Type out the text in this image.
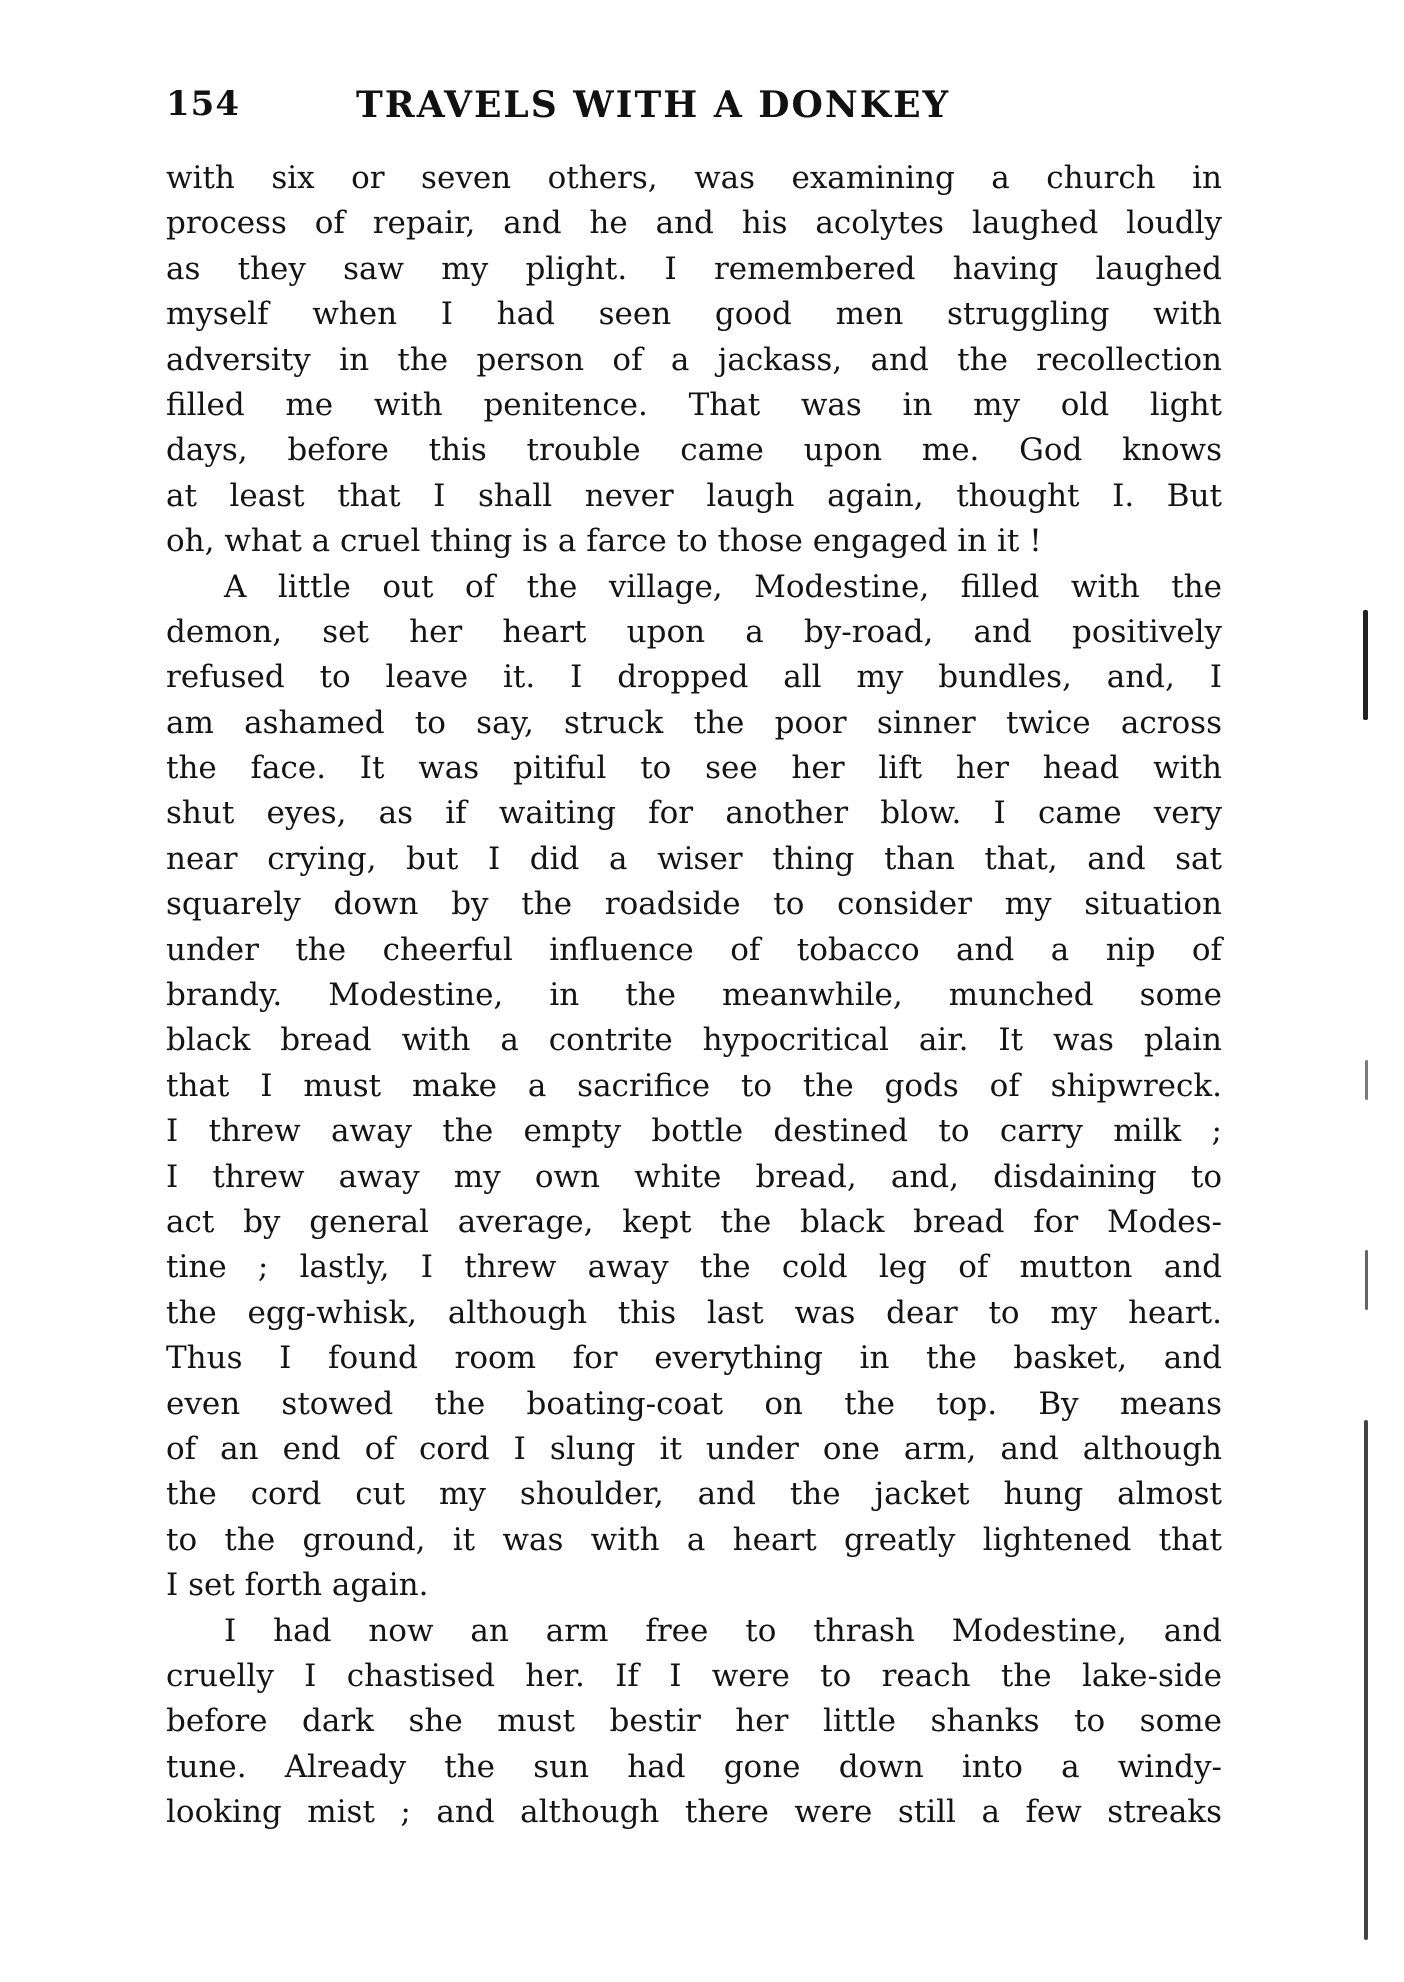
154	TRAVELS WITH A DONKEY
with six or seven others, was examining a church in
process of repair, and he and his acolytes laughed loudly
as they saw my plight. I remembered having laughed
myself when I had seen good men struggling with
adversity in the person of a jackass, and the recollection
filled me with penitence. That was in my old light
days, before this trouble came upon me. God knows
at least that I shall never laugh again, thought I. But
oh, what a cruel thing is a farce to those engaged in it !
A little out of the village, Modestine, filled with the
demon, set her heart upon a by-road, and positively
refused to leave it. I dropped all my bundles, and, I
am ashamed to say, struck the poor sinner twice across
the face. It was pitiful to see her lift her head with
shut eyes, as if waiting for another blow. I came very
near crying, but I did a wiser thing than that, and sat
squarely down by the roadside to consider my situation
under the cheerful influence of tobacco and a nip of
brandy. Modestine, in the meanwhile, munched some
black bread with a contrite hypocritical air. It was plain
that I must make a sacrifice to the gods of shipwreck.
I threw away the empty bottle destined to carry milk ;
I threw away my own white bread, and, disdaining to
act by general average, kept the black bread for Modes-
tine ; lastly, I threw away the cold leg of mutton and
the egg-whisk, although this last was dear to my heart.
Thus I found room for everything in the basket, and
even stowed the boating-coat on the top. By means
of an end of cord I slung it under one arm, and although
the cord cut my shoulder, and the jacket hung almost
to the ground, it was with a heart greatly lightened that
I set forth again.
I had now an arm free to thrash Modestine, and
cruelly I chastised her. If I were to reach the lake-side
before dark she must bestir her little shanks to some
tune. Already the sun had gone down into a windy-
looking mist ; and although there were still a few streaks
